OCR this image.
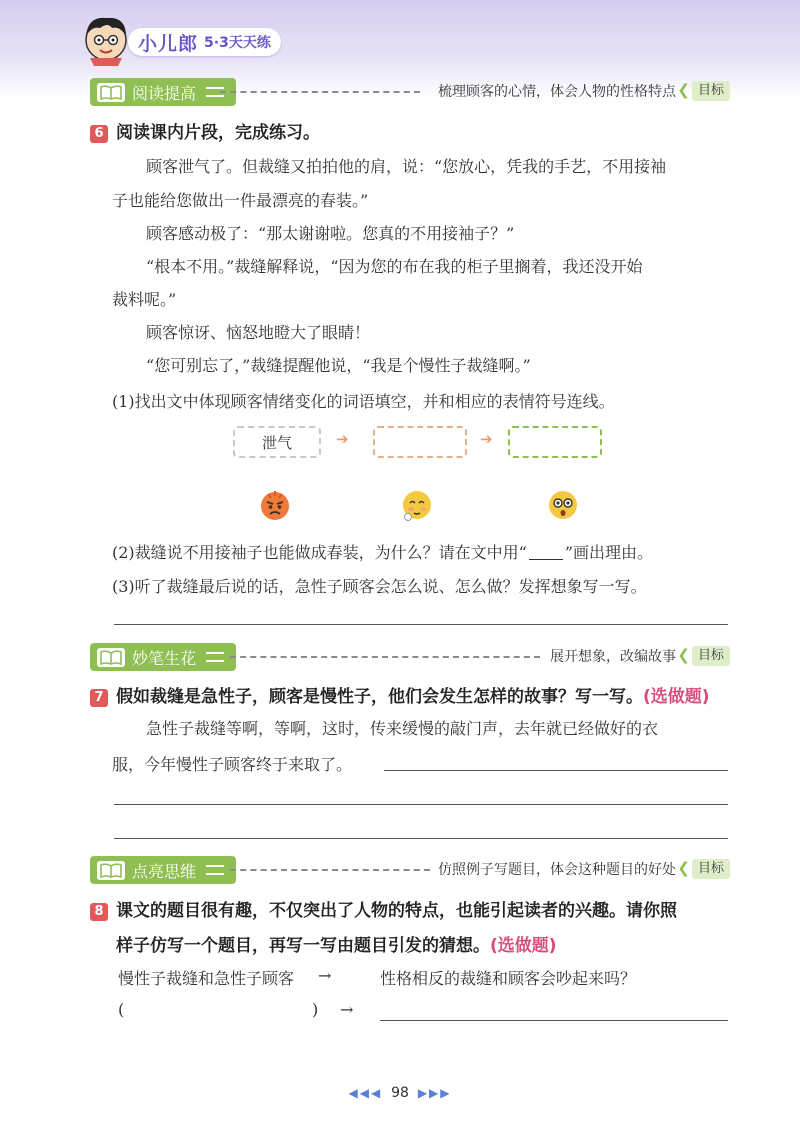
小儿郎 5·3天天练
阅读提高	梳理顾客的心情，体会人物的性格特点 ❮ 目标
6 阅读课内片段，完成练习。
顾客泄气了。但裁缝又拍拍他的肩，说：“您放心，凭我的手艺，不用接袖
子也能给您做出一件最漂亮的春装。”
顾客感动极了：“那太谢谢啦。您真的不用接袖子？”
“根本不用。”裁缝解释说，“因为您的布在我的柜子里搁着，我还没开始
裁料呢。”
顾客惊讶、恼怒地瞪大了眼睛！
“您可别忘了，”裁缝提醒他说，“我是个慢性子裁缝啊。”
(1)找出文中体现顾客情绪变化的词语填空，并和相应的表情符号连线。
泄气	➔	➔
(2)裁缝说不用接袖子也能做成春装，为什么？请在文中用“ ”画出理由。
(3)听了裁缝最后说的话，急性子顾客会怎么说、怎么做？发挥想象写一写。
妙笔生花	展开想象，改编故事 ❮ 目标
7 假如裁缝是急性子，顾客是慢性子，他们会发生怎样的故事？写一写。(选做题)
急性子裁缝等啊，等啊，这时，传来缓慢的敲门声，去年就已经做好的衣
服，今年慢性子顾客终于来取了。
点亮思维	仿照例子写题目，体会这种题目的好处 ❮ 目标
8 课文的题目很有趣，不仅突出了人物的特点，也能引起读者的兴趣。请你照
样子仿写一个题目，再写一写由题目引发的猜想。(选做题)
慢性子裁缝和急性子顾客 →	性格相反的裁缝和顾客会吵起来吗？
(	) →
◀◀◀ 98 ▶▶▶
